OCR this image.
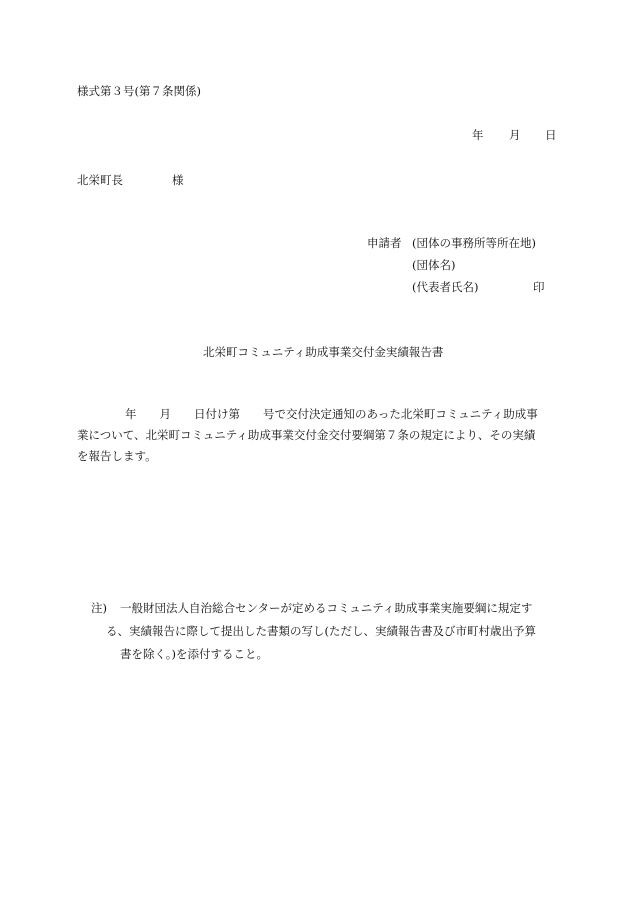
様式第３号(第７条関係)
年 月 日
北栄町長	様
申請者 (団体の事務所等所在地)
(団体名)
(代表者氏名)	印
北栄町コミュニティ助成事業交付金実績報告書
年　　月　　日付け第　　号で交付決定通知のあった北栄町コミュニティ助成事
業について、北栄町コミュニティ助成事業交付金交付要綱第７条の規定により、その実績
を報告します。
注) 一般財団法人自治総合センターが定めるコミュニティ助成事業実施要綱に規定す
る、実績報告に際して提出した書類の写し(ただし、実績報告書及び市町村歳出予算
書を除く。)を添付すること。
